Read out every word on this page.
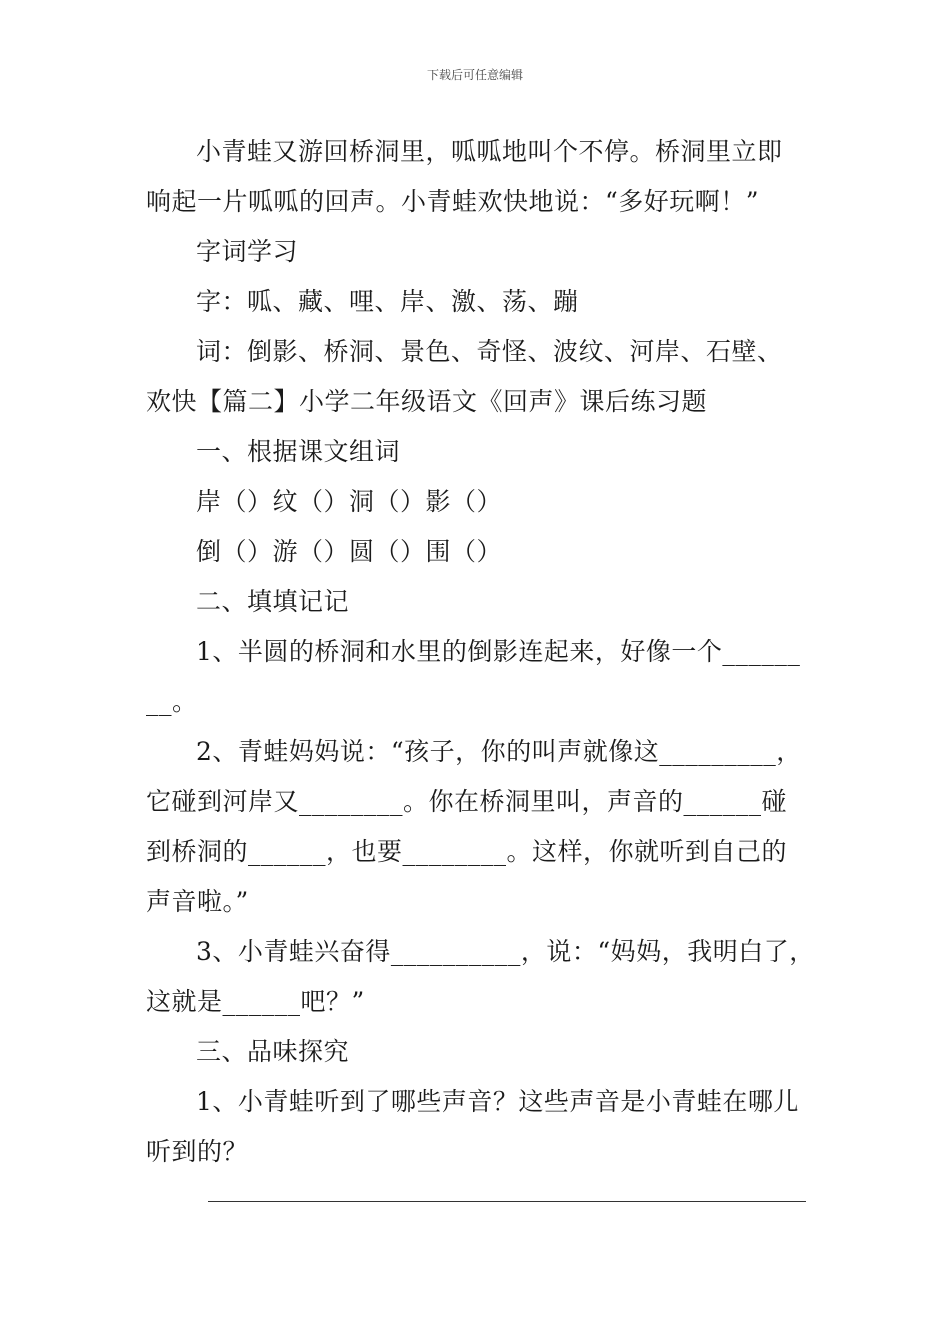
下载后可任意编辑
小青蛙又游回桥洞里，呱呱地叫个不停。桥洞里立即
响起一片呱呱的回声。小青蛙欢快地说：“多好玩啊！”
字词学习
字：呱、藏、哩、岸、激、荡、蹦
词：倒影、桥洞、景色、奇怪、波纹、河岸、石壁、
欢快【篇二】小学二年级语文《回声》课后练习题
一、根据课文组词
岸（）纹（）洞（）影（）
倒（）游（）圆（）围（）
二、填填记记
1、半圆的桥洞和水里的倒影连起来，好像一个______
__。
2、青蛙妈妈说：“孩子，你的叫声就像这_________，
它碰到河岸又________。你在桥洞里叫，声音的______碰
到桥洞的______，也要________。这样，你就听到自己的
声音啦。”
3、小青蛙兴奋得__________，说：“妈妈，我明白了，
这就是______吧？”
三、品味探究
1、小青蛙听到了哪些声音？这些声音是小青蛙在哪儿
听到的？
